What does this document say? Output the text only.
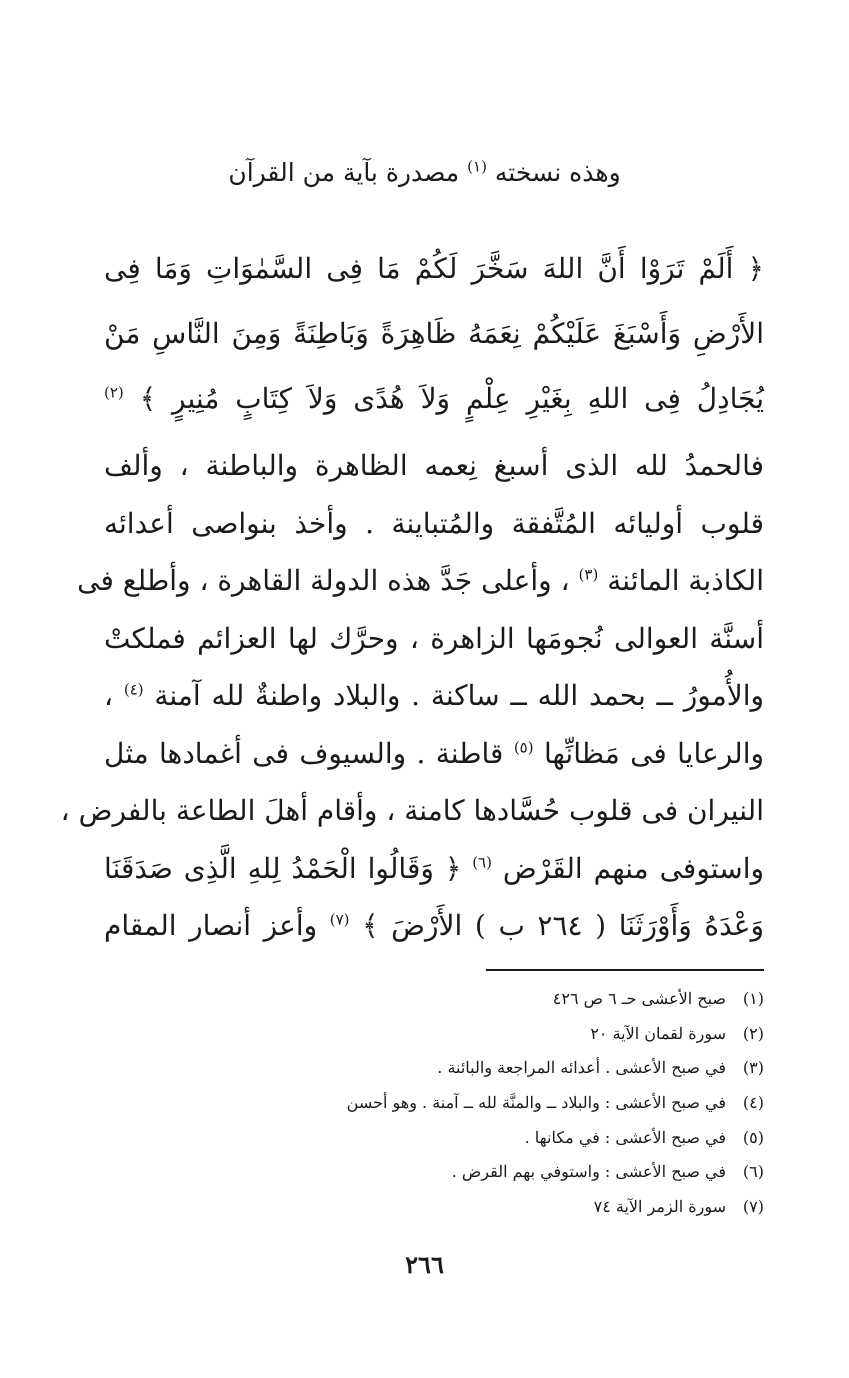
وهذه نسخته $^{(١)}$ مصدرة بآية من القرآن
﴿ أَلَمْ تَرَوْا أَنَّ اللهَ سَخَّرَ لَكُمْ مَا فِى السَّمٰوَاتِ وَمَا فِى
الأَرْضِ وَأَسْبَغَ عَلَيْكُمْ نِعَمَهُ ظَاهِرَةً وَبَاطِنَةً وَمِنَ النَّاسِ مَنْ
يُجَادِلُ فِى اللهِ بِغَيْرِ عِلْمٍ وَلاَ هُدًى وَلاَ كِتَابٍ مُنِيرٍ ﴾ $^{(٢)}$
فالحمدُ لله الذى أسبغ نِعمه الظاهرة والباطنة ، وألف
قلوب أوليائه المُتَّفقة والمُتباينة . وأخذ بنواصى أعدائه
الكاذبة المائنة $^{(٣)}$ ، وأعلى جَدَّ هذه الدولة القاهرة ، وأطلع فى
أسنَّة العوالى نُجومَها الزاهرة ، وحرَّك لها العزائم فملكتْ
والأُمورُ ــ بحمد الله ــ ساكنة . والبلاد واطنةٌ لله آمنة $^{(٤)}$ ،
والرعايا فى مَظانِّها $^{(٥)}$ قاطنة . والسيوف فى أغمادها مثل
النيران فى قلوب حُسَّادها كامنة ، وأقام أهلَ الطاعة بالفرض ،
واستوفى منهم القَرْض $^{(٦)}$ ﴿ وَقَالُوا الْحَمْدُ لِلهِ الَّذِى صَدَقَنَا
وَعْدَهُ وَأَوْرَثَنَا ( ٢٦٤ ب ) الأَرْضَ ﴾ $^{(٧)}$ وأعز أنصار المقام
(١)صبح الأعشى حـ ٦ ص ٤٢٦
(٢)سورة لقمان الآية ٢٠
(٣)في صبح الأعشى . أعدائه المراجعة والبائنة .
(٤)في صبح الأعشى : والبلاد ــ والمنَّة لله ــ آمنة . وهو أحسن
(٥)في صبح الأعشى : في مكانها .
(٦)في صبح الأعشى : واستوفي بهم القرض .
(٧)سورة الزمر الآية ٧٤
٢٦٦
